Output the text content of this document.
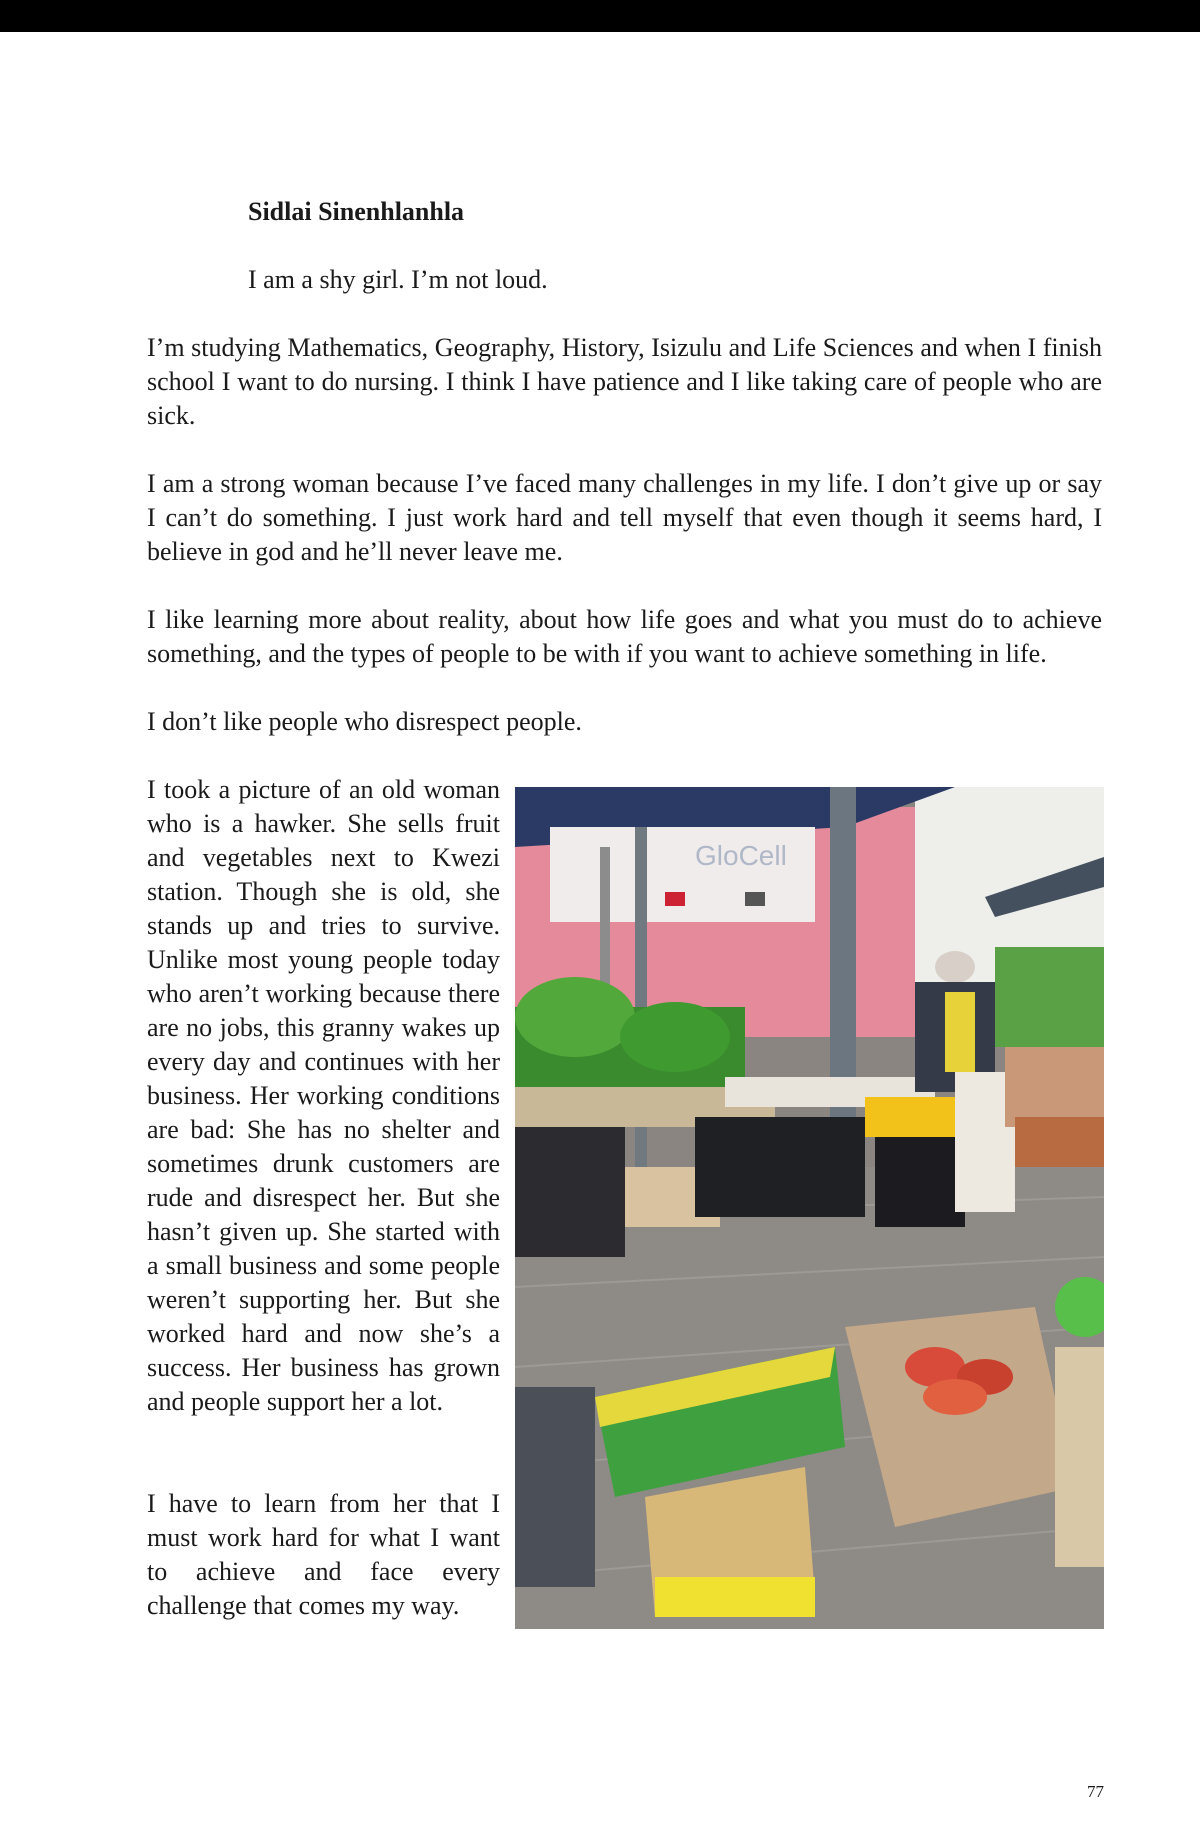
Sidlai Sinenhlanhla

I am a shy girl. I’m not loud.

I’m studying Mathematics, Geography, History, Isizulu and Life Sciences and when I finish school I want to do nursing. I think I have patience and I like taking care of people who are sick.

I am a strong woman because I’ve faced many challenges in my life. I don’t give up or say I can’t do something. I just work hard and tell myself that even though it seems hard, I believe in god and he’ll never leave me.

I like learning more about reality, about how life goes and what you must do to achieve something, and the types of people to be with if you want to achieve something in life.

I don’t like people who disrespect people.

I took a picture of an old woman who is a hawker. She sells fruit and vegetables next to Kwezi station. Though she is old, she stands up and tries to survive. Unlike most young people today who aren’t working because there are no jobs, this granny wakes up every day and continues with her business. Her working conditions are bad: She has no shelter and sometimes drunk customers are rude and disrespect her. But she hasn’t given up. She started with a small business and some people weren’t supporting her. But she worked hard and now she’s a success. Her business has grown and people support her a lot.

I have to learn from her that I must work hard for what I want to achieve and face every challenge that comes my way.

GloCell

77
